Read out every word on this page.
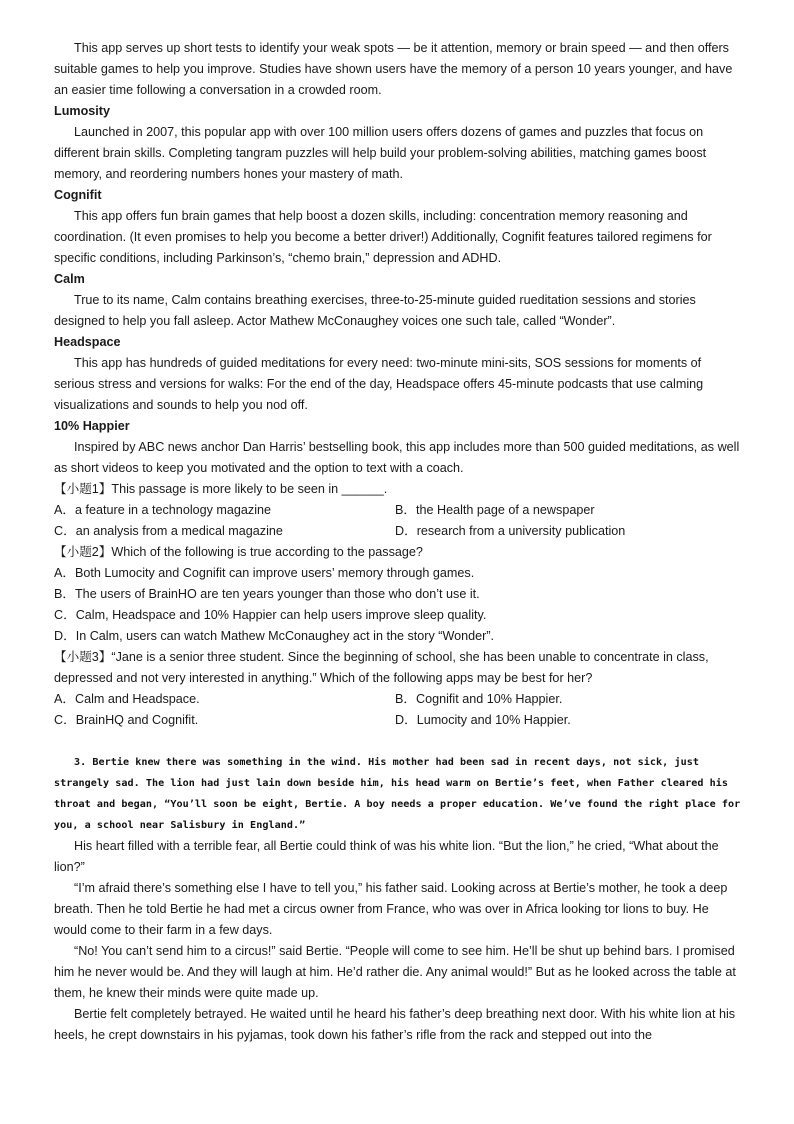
This app serves up short tests to identify your weak spots — be it attention, memory or brain speed — and then offers suitable games to help you improve. Studies have shown users have the memory of a person 10 years younger, and have an easier time following a conversation in a crowded room.

Lumosity

Launched in 2007, this popular app with over 100 million users offers dozens of games and puzzles that focus on different brain skills. Completing tangram puzzles will help build your problem-solving abilities, matching games boost memory, and reordering numbers hones your mastery of math.

Cognifit

This app offers fun brain games that help boost a dozen skills, including: concentration memory reasoning and coordination. (It even promises to help you become a better driver!) Additionally, Cognifit features tailored regimens for specific conditions, including Parkinson’s, “chemo brain,” depression and ADHD.

Calm

True to its name, Calm contains breathing exercises, three-to-25-minute guided rueditation sessions and stories designed to help you fall asleep. Actor Mathew McConaughey voices one such tale, called “Wonder”.

Headspace

This app has hundreds of guided meditations for every need: two-minute mini-sits, SOS sessions for moments of serious stress and versions for walks: For the end of the day, Headspace offers 45-minute podcasts that use calming visualizations and sounds to help you nod off.

10% Happier

Inspired by ABC news anchor Dan Harris’ bestselling book, this app includes more than 500 guided meditations, as well as short videos to keep you motivated and the option to text with a coach.

【小题1】This passage is more likely to be seen in ______.

A．a feature in a technology magazine	B．the Health page of a newspaper
C．an analysis from a medical magazine	D．research from a university publication

【小题2】Which of the following is true according to the passage?

A．Both Lumocity and Cognifit can improve users’ memory through games.

B．The users of BrainHO are ten years younger than those who don’t use it.

C．Calm, Headspace and 10% Happier can help users improve sleep quality.

D．In Calm, users can watch Mathew McConaughey act in the story “Wonder”.

【小题3】“Jane is a senior three student. Since the beginning of school, she has been unable to concentrate in class, depressed and not very interested in anything.” Which of the following apps may be best for her?

A．Calm and Headspace.	B．Cognifit and 10% Happier.
C．BrainHQ and Cognifit.	D．Lumocity and 10% Happier.

3. Bertie knew there was something in the wind. His mother had been sad in recent days, not sick, just strangely sad. The lion had just lain down beside him, his head warm on Bertie’s feet, when Father cleared his throat and began, “You’ll soon be eight, Bertie. A boy needs a proper education. We’ve found the right place for you, a school near Salisbury in England.”

His heart filled with a terrible fear, all Bertie could think of was his white lion. “But the lion,” he cried, “What about the lion?”

“I’m afraid there’s something else I have to tell you,” his father said. Looking across at Bertie’s mother, he took a deep breath. Then he told Bertie he had met a circus owner from France, who was over in Africa looking tor lions to buy. He would come to their farm in a few days.

“No! You can’t send him to a circus!” said Bertie. “People will come to see him. He’ll be shut up behind bars. I promised him he never would be. And they will laugh at him. He’d rather die. Any animal would!” But as he looked across the table at them, he knew their minds were quite made up.

Bertie felt completely betrayed. He waited until he heard his father’s deep breathing next door. With his white lion at his heels, he crept downstairs in his pyjamas, took down his father’s rifle from the rack and stepped out into the
